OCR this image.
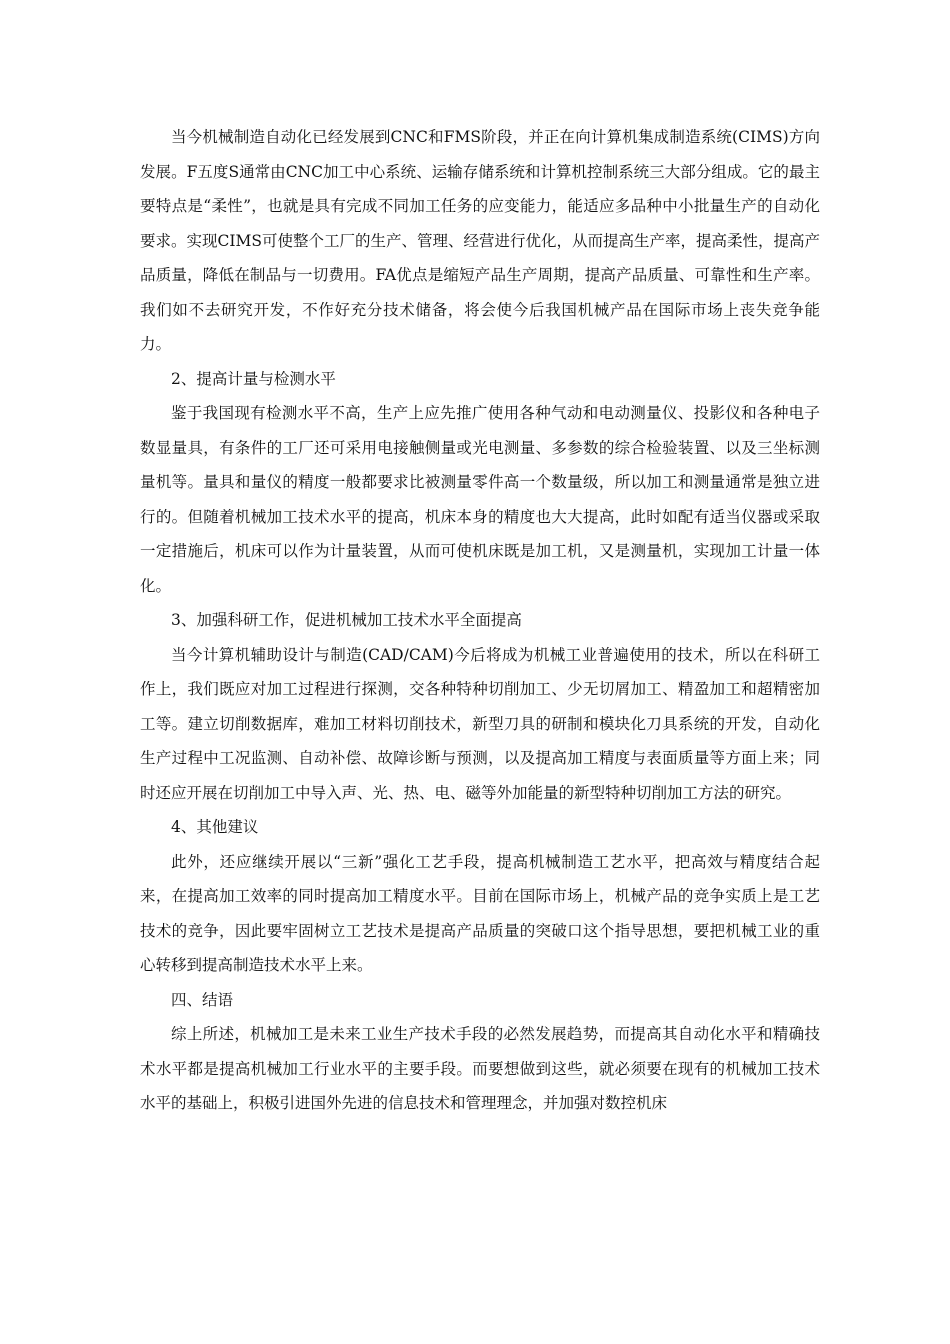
当今机械制造自动化已经发展到CNC和FMS阶段，并正在向计算机集成制造系统(CIMS)方向发展。F五度S通常由CNC加工中心系统、运输存储系统和计算机控制系统三大部分组成。它的最主要特点是“柔性”，也就是具有完成不同加工任务的应变能力，能适应多品种中小批量生产的自动化要求。实现CIMS可使整个工厂的生产、管理、经营进行优化，从而提高生产率，提高柔性，提高产品质量，降低在制品与一切费用。FA优点是缩短产品生产周期，提高产品质量、可靠性和生产率。我们如不去研究开发，不作好充分技术储备，将会使今后我国机械产品在国际市场上丧失竞争能力。

2、提高计量与检测水平

鉴于我国现有检测水平不高，生产上应先推广使用各种气动和电动测量仪、投影仪和各种电子数显量具，有条件的工厂还可采用电接触侧量或光电测量、多参数的综合检验装置、以及三坐标测量机等。量具和量仪的精度一般都要求比被测量零件高一个数量级，所以加工和测量通常是独立进行的。但随着机械加工技术水平的提高，机床本身的精度也大大提高，此时如配有适当仪器或采取一定措施后，机床可以作为计量装置，从而可使机床既是加工机，又是测量机，实现加工计量一体化。

3、加强科研工作，促进机械加工技术水平全面提高

当今计算机辅助设计与制造(CAD/CAM)今后将成为机械工业普遍使用的技术，所以在科研工作上，我们既应对加工过程进行探测，交各种特种切削加工、少无切屑加工、精盈加工和超精密加工等。建立切削数据库，难加工材料切削技术，新型刀具的研制和模块化刀具系统的开发，自动化生产过程中工况监测、自动补偿、故障诊断与预测，以及提高加工精度与表面质量等方面上来；同时还应开展在切削加工中导入声、光、热、电、磁等外加能量的新型特种切削加工方法的研究。

4、其他建议

此外，还应继续开展以“三新”强化工艺手段，提高机械制造工艺水平，把高效与精度结合起来，在提高加工效率的同时提高加工精度水平。目前在国际市场上，机械产品的竞争实质上是工艺技术的竞争，因此要牢固树立工艺技术是提高产品质量的突破口这个指导思想，要把机械工业的重心转移到提高制造技术水平上来。

四、结语

综上所述，机械加工是未来工业生产技术手段的必然发展趋势，而提高其自动化水平和精确技术水平都是提高机械加工行业水平的主要手段。而要想做到这些，就必须要在现有的机械加工技术水平的基础上，积极引进国外先进的信息技术和管理理念，并加强对数控机床
